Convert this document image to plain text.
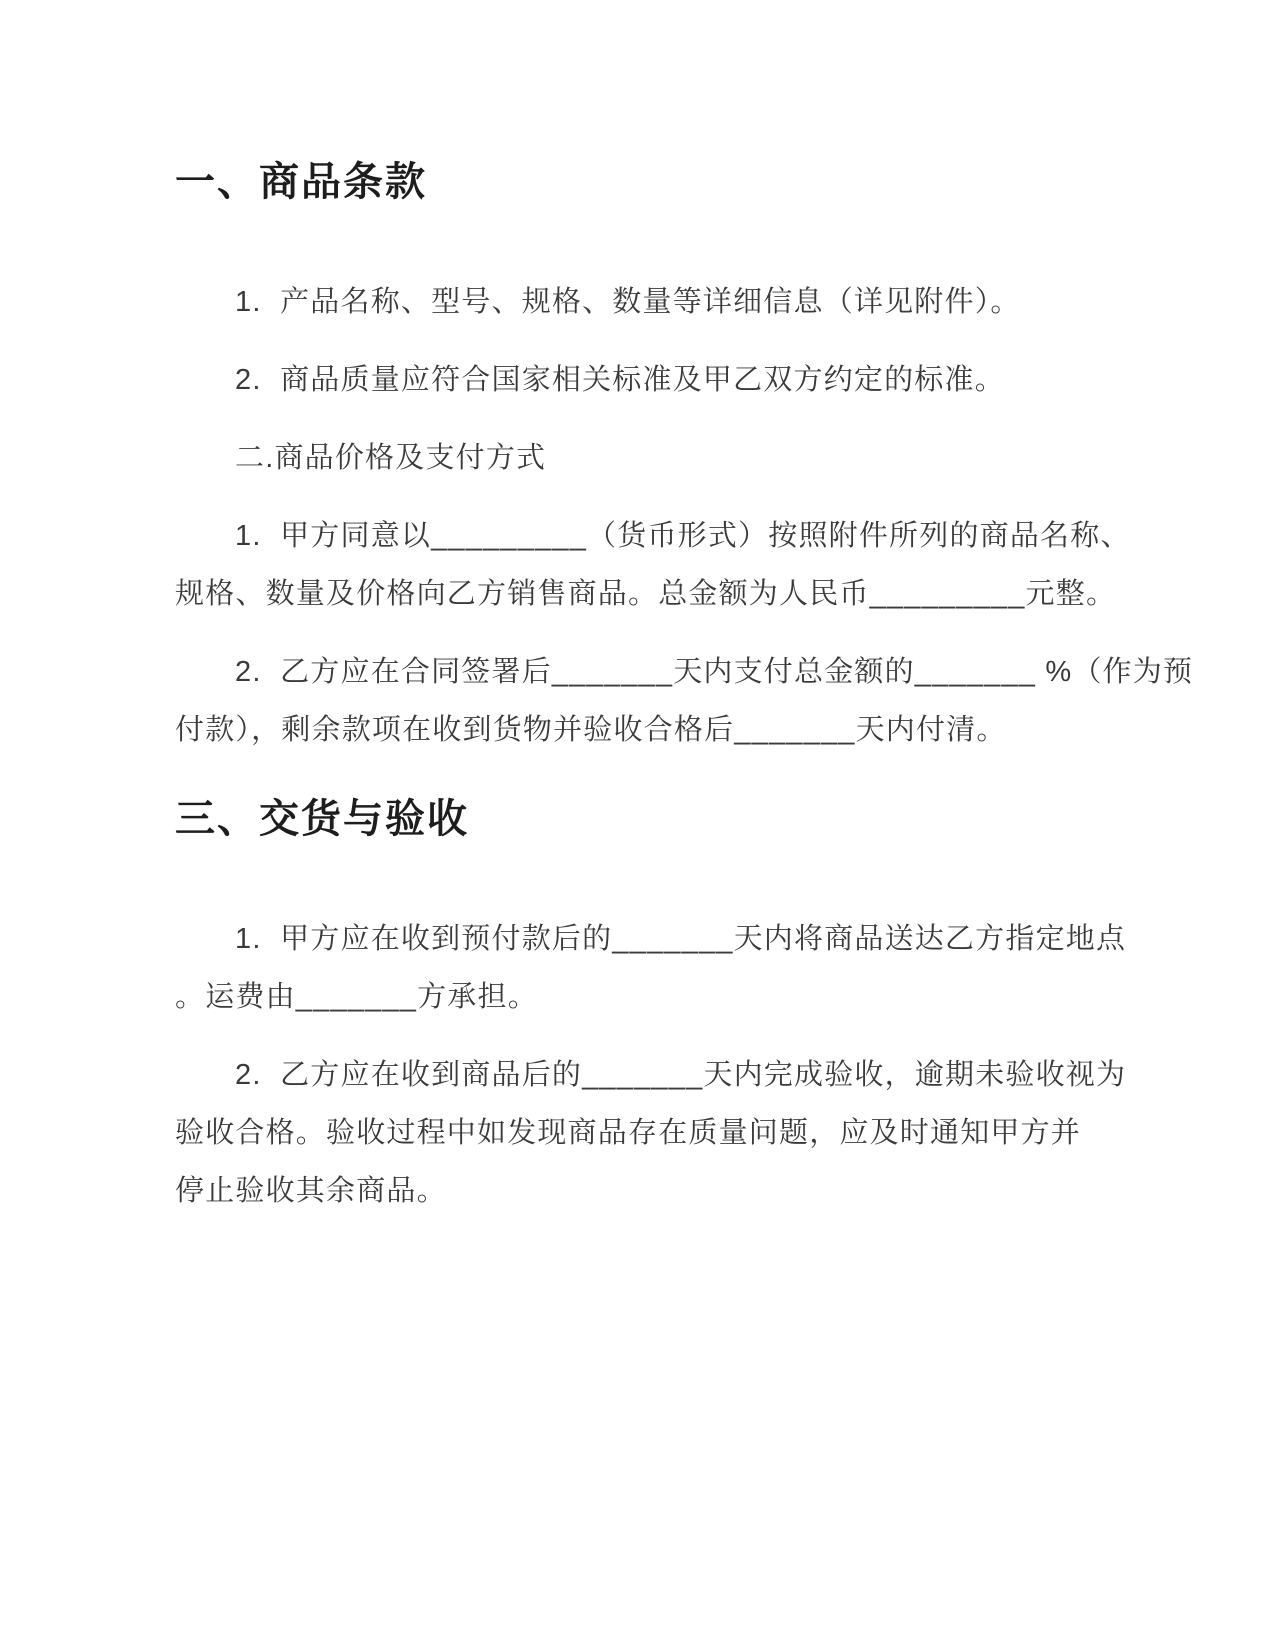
一、商品条款
1.  产品名称、型号、规格、数量等详细信息（详见附件）。
2.  商品质量应符合国家相关标准及甲乙双方约定的标准。
二.商品价格及支付方式
1.  甲方同意以_________（货币形式）按照附件所列的商品名称、
规格、数量及价格向乙方销售商品。总金额为人民币_________元整。
2.  乙方应在合同签署后_______天内支付总金额的_______ %（作为预
付款），剩余款项在收到货物并验收合格后_______天内付清。
三、交货与验收
1.  甲方应在收到预付款后的_______天内将商品送达乙方指定地点
。运费由_______方承担。
2.  乙方应在收到商品后的_______天内完成验收，逾期未验收视为
验收合格。验收过程中如发现商品存在质量问题，应及时通知甲方并
停止验收其余商品。
